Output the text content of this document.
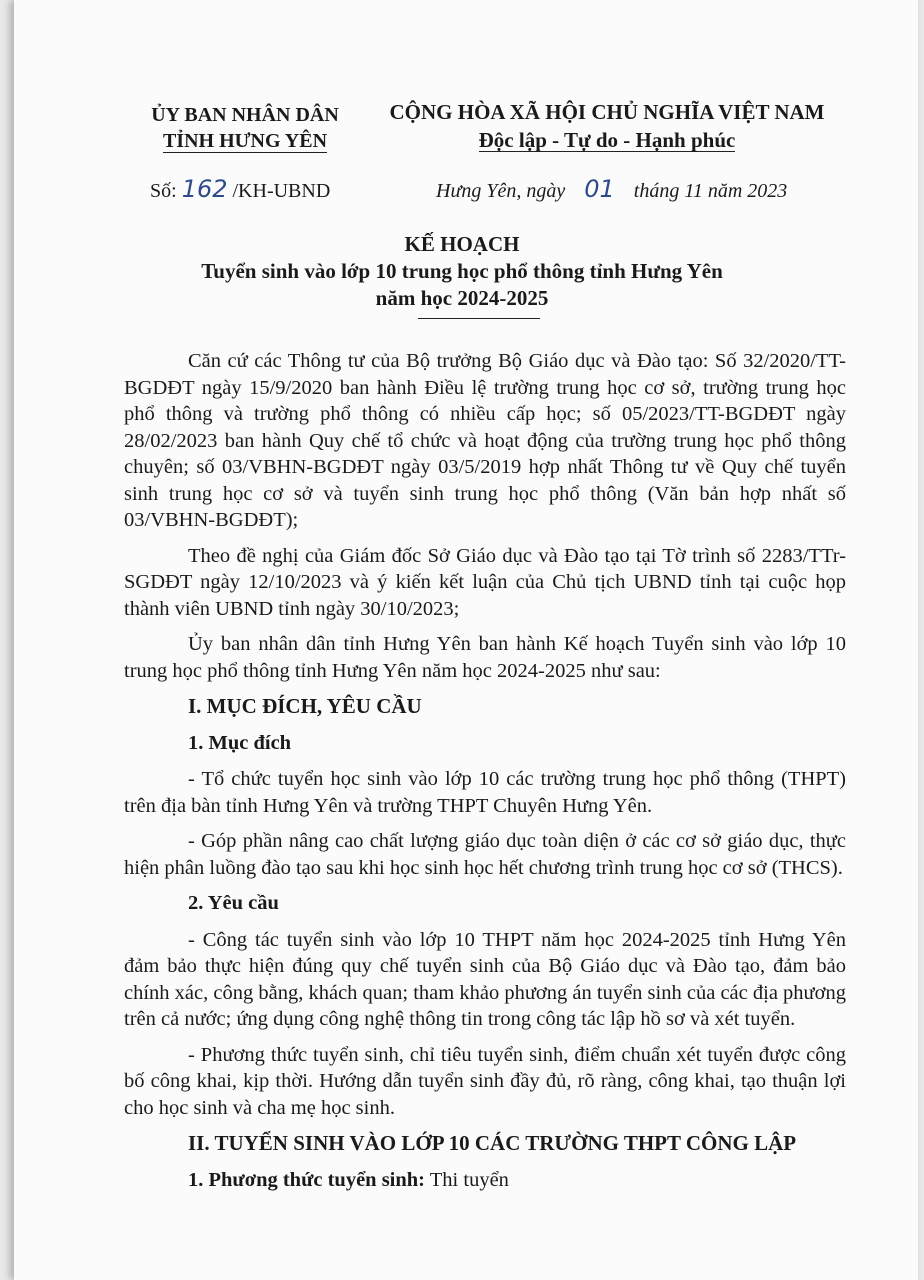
ỦY BAN NHÂN DÂN
TỈNH HƯNG YÊN
CỘNG HÒA XÃ HỘI CHỦ NGHĨA VIỆT NAM
Độc lập - Tự do - Hạnh phúc
Số: 162 /KH-UBND	Hưng Yên, ngày 01 tháng 11 năm 2023
KẾ HOẠCH
Tuyển sinh vào lớp 10 trung học phổ thông tỉnh Hưng Yên
năm học 2024-2025

Căn cứ các Thông tư của Bộ trưởng Bộ Giáo dục và Đào tạo: Số 32/2020/TT-BGDĐT ngày 15/9/2020 ban hành Điều lệ trường trung học cơ sở, trường trung học phổ thông và trường phổ thông có nhiều cấp học; số 05/2023/TT-BGDĐT ngày 28/02/2023 ban hành Quy chế tổ chức và hoạt động của trường trung học phổ thông chuyên; số 03/VBHN-BGDĐT ngày 03/5/2019 hợp nhất Thông tư về Quy chế tuyển sinh trung học cơ sở và tuyển sinh trung học phổ thông (Văn bản hợp nhất số 03/VBHN-BGDĐT);

Theo đề nghị của Giám đốc Sở Giáo dục và Đào tạo tại Tờ trình số 2283/TTr-SGDĐT ngày 12/10/2023 và ý kiến kết luận của Chủ tịch UBND tỉnh tại cuộc họp thành viên UBND tỉnh ngày 30/10/2023;

Ủy ban nhân dân tỉnh Hưng Yên ban hành Kế hoạch Tuyển sinh vào lớp 10 trung học phổ thông tỉnh Hưng Yên năm học 2024-2025 như sau:

I. MỤC ĐÍCH, YÊU CẦU

1. Mục đích

- Tổ chức tuyển học sinh vào lớp 10 các trường trung học phổ thông (THPT) trên địa bàn tỉnh Hưng Yên và trường THPT Chuyên Hưng Yên.

- Góp phần nâng cao chất lượng giáo dục toàn diện ở các cơ sở giáo dục, thực hiện phân luồng đào tạo sau khi học sinh học hết chương trình trung học cơ sở (THCS).

2. Yêu cầu

- Công tác tuyển sinh vào lớp 10 THPT năm học 2024-2025 tỉnh Hưng Yên đảm bảo thực hiện đúng quy chế tuyển sinh của Bộ Giáo dục và Đào tạo, đảm bảo chính xác, công bằng, khách quan; tham khảo phương án tuyển sinh của các địa phương trên cả nước; ứng dụng công nghệ thông tin trong công tác lập hồ sơ và xét tuyển.

- Phương thức tuyển sinh, chỉ tiêu tuyển sinh, điểm chuẩn xét tuyển được công bố công khai, kịp thời. Hướng dẫn tuyển sinh đầy đủ, rõ ràng, công khai, tạo thuận lợi cho học sinh và cha mẹ học sinh.

II. TUYỂN SINH VÀO LỚP 10 CÁC TRƯỜNG THPT CÔNG LẬP

1. Phương thức tuyển sinh: Thi tuyển
